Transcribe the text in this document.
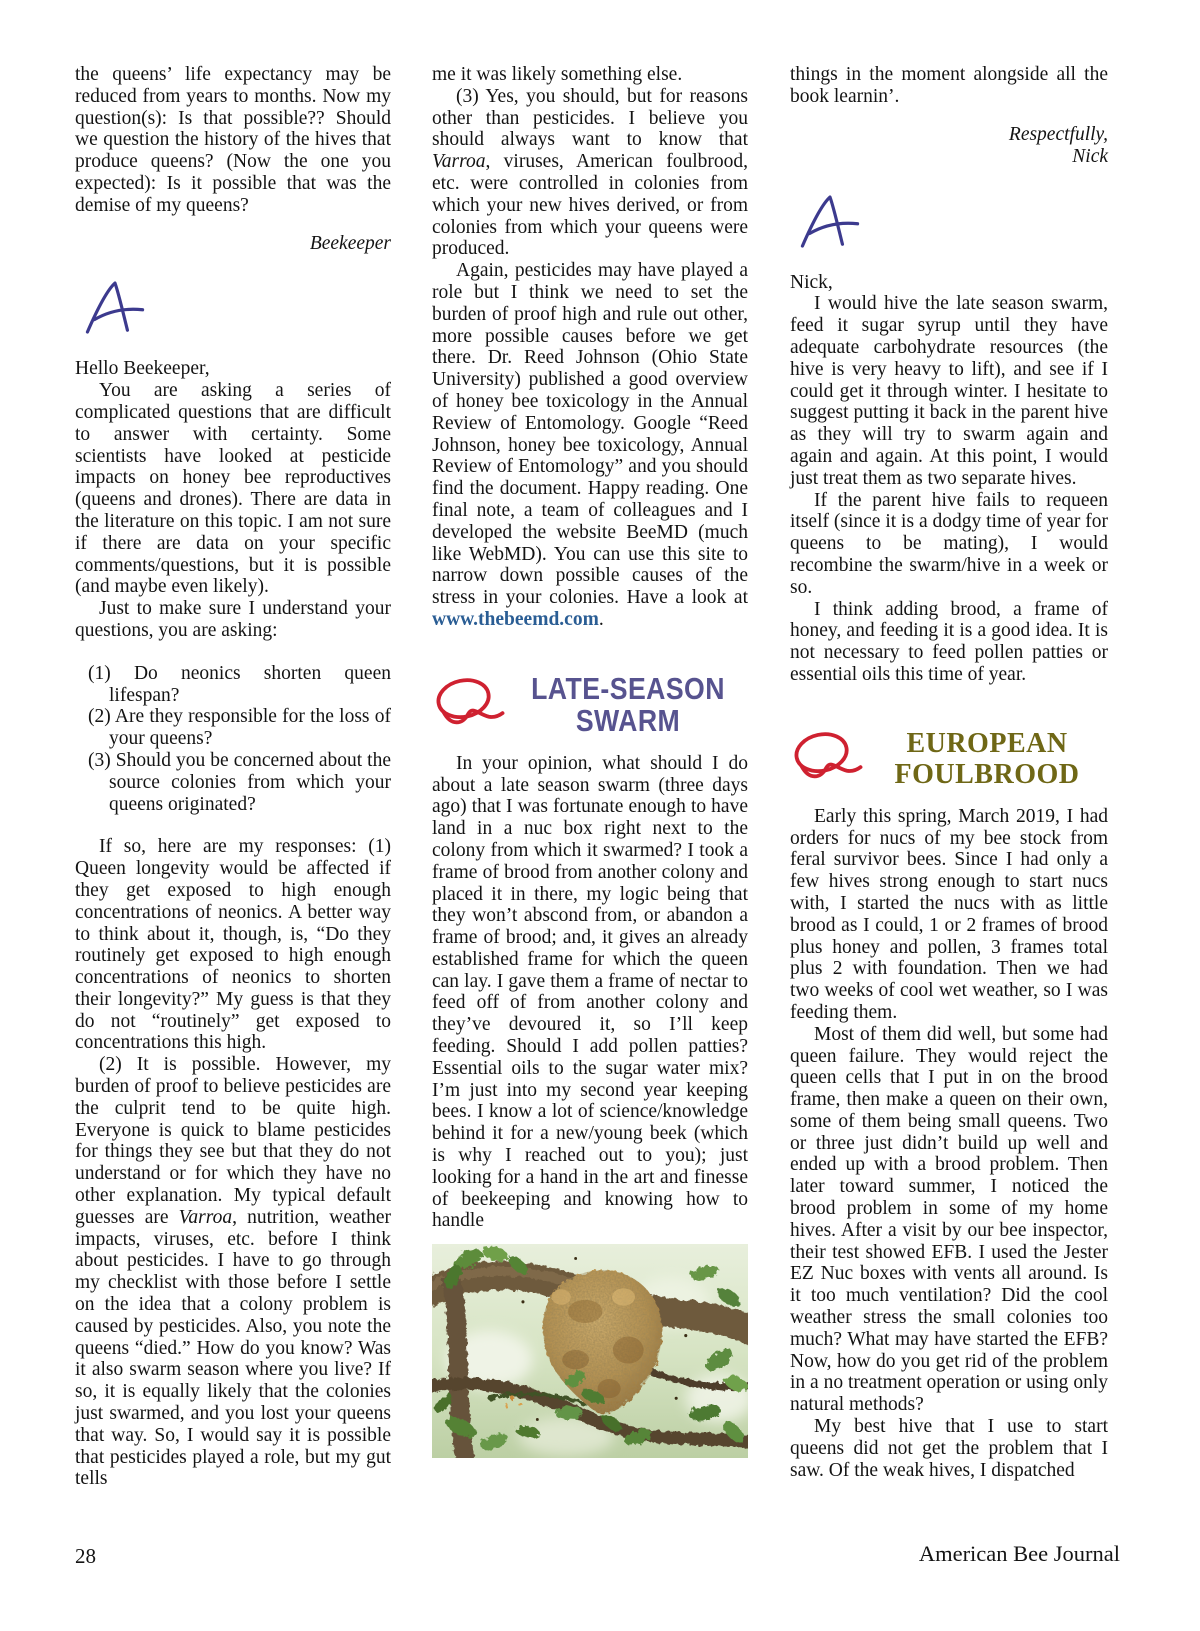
the queens’ life expectancy may be reduced from years to months. Now my question(s): Is that possible?? Should we question the history of the hives that produce queens? (Now the one you expected): Is it possible that was the demise of my queens?

Beekeeper

Hello Beekeeper,

You are asking a series of complicated questions that are difficult to answer with certainty. Some scientists have looked at pesticide impacts on honey bee reproductives (queens and drones). There are data in the literature on this topic. I am not sure if there are data on your specific comments/questions, but it is possible (and maybe even likely).

Just to make sure I understand your questions, you are asking:

(1) Do neonics shorten queen lifespan?
(2) Are they responsible for the loss of your queens?
(3) Should you be concerned about the source colonies from which your queens originated?

If so, here are my responses: (1) Queen longevity would be affected if they get exposed to high enough concentrations of neonics. A better way to think about it, though, is, “Do they routinely get exposed to high enough concentrations of neonics to shorten their longevity?” My guess is that they do not “routinely” get exposed to concentrations this high.

(2) It is possible. However, my burden of proof to believe pesticides are the culprit tend to be quite high. Everyone is quick to blame pesticides for things they see but that they do not understand or for which they have no other explanation. My typical default guesses are Varroa, nutrition, weather impacts, viruses, etc. before I think about pesticides. I have to go through my checklist with those before I settle on the idea that a colony problem is caused by pesticides. Also, you note the queens “died.” How do you know? Was it also swarm season where you live? If so, it is equally likely that the colonies just swarmed, and you lost your queens that way. So, I would say it is possible that pesticides played a role, but my gut tells

me it was likely something else.

(3) Yes, you should, but for reasons other than pesticides. I believe you should always want to know that Varroa, viruses, American foulbrood, etc. were controlled in colonies from which your new hives derived, or from colonies from which your queens were produced.

Again, pesticides may have played a role but I think we need to set the burden of proof high and rule out other, more possible causes before we get there. Dr. Reed Johnson (Ohio State University) published a good overview of honey bee toxicology in the Annual Review of Entomology. Google “Reed Johnson, honey bee toxicology, Annual Review of Entomology” and you should find the document. Happy reading. One final note, a team of colleagues and I developed the website BeeMD (much like WebMD). You can use this site to narrow down possible causes of the stress in your colonies. Have a look at www.thebeemd.com.

LATE-SEASON
SWARM

In your opinion, what should I do about a late season swarm (three days ago) that I was fortunate enough to have land in a nuc box right next to the colony from which it swarmed? I took a frame of brood from another colony and placed it in there, my logic being that they won’t abscond from, or abandon a frame of brood; and, it gives an already established frame for which the queen can lay. I gave them a frame of nectar to feed off of from another colony and they’ve devoured it, so I’ll keep feeding. Should I add pollen patties? Essential oils to the sugar water mix? I’m just into my second year keeping bees. I know a lot of science/knowledge behind it for a new/young beek (which is why I reached out to you); just looking for a hand in the art and finesse of beekeeping and knowing how to handle

things in the moment alongside all the book learnin’.

Respectfully,
Nick

Nick,

I would hive the late season swarm, feed it sugar syrup until they have adequate carbohydrate resources (the hive is very heavy to lift), and see if I could get it through winter. I hesitate to suggest putting it back in the parent hive as they will try to swarm again and again and again. At this point, I would just treat them as two separate hives.

If the parent hive fails to requeen itself (since it is a dodgy time of year for queens to be mating), I would recombine the swarm/hive in a week or so.

I think adding brood, a frame of honey, and feeding it is a good idea. It is not necessary to feed pollen patties or essential oils this time of year.

EUROPEAN
FOULBROOD

Early this spring, March 2019, I had orders for nucs of my bee stock from feral survivor bees. Since I had only a few hives strong enough to start nucs with, I started the nucs with as little brood as I could, 1 or 2 frames of brood plus honey and pollen, 3 frames total plus 2 with foundation. Then we had two weeks of cool wet weather, so I was feeding them.

Most of them did well, but some had queen failure. They would reject the queen cells that I put in on the brood frame, then make a queen on their own, some of them being small queens. Two or three just didn’t build up well and ended up with a brood problem. Then later toward summer, I noticed the brood problem in some of my home hives. After a visit by our bee inspector, their test showed EFB. I used the Jester EZ Nuc boxes with vents all around. Is it too much ventilation? Did the cool weather stress the small colonies too much? What may have started the EFB? Now, how do you get rid of the problem in a no treatment operation or using only natural methods?

My best hive that I use to start queens did not get the problem that I saw. Of the weak hives, I dispatched

28	American Bee Journal
